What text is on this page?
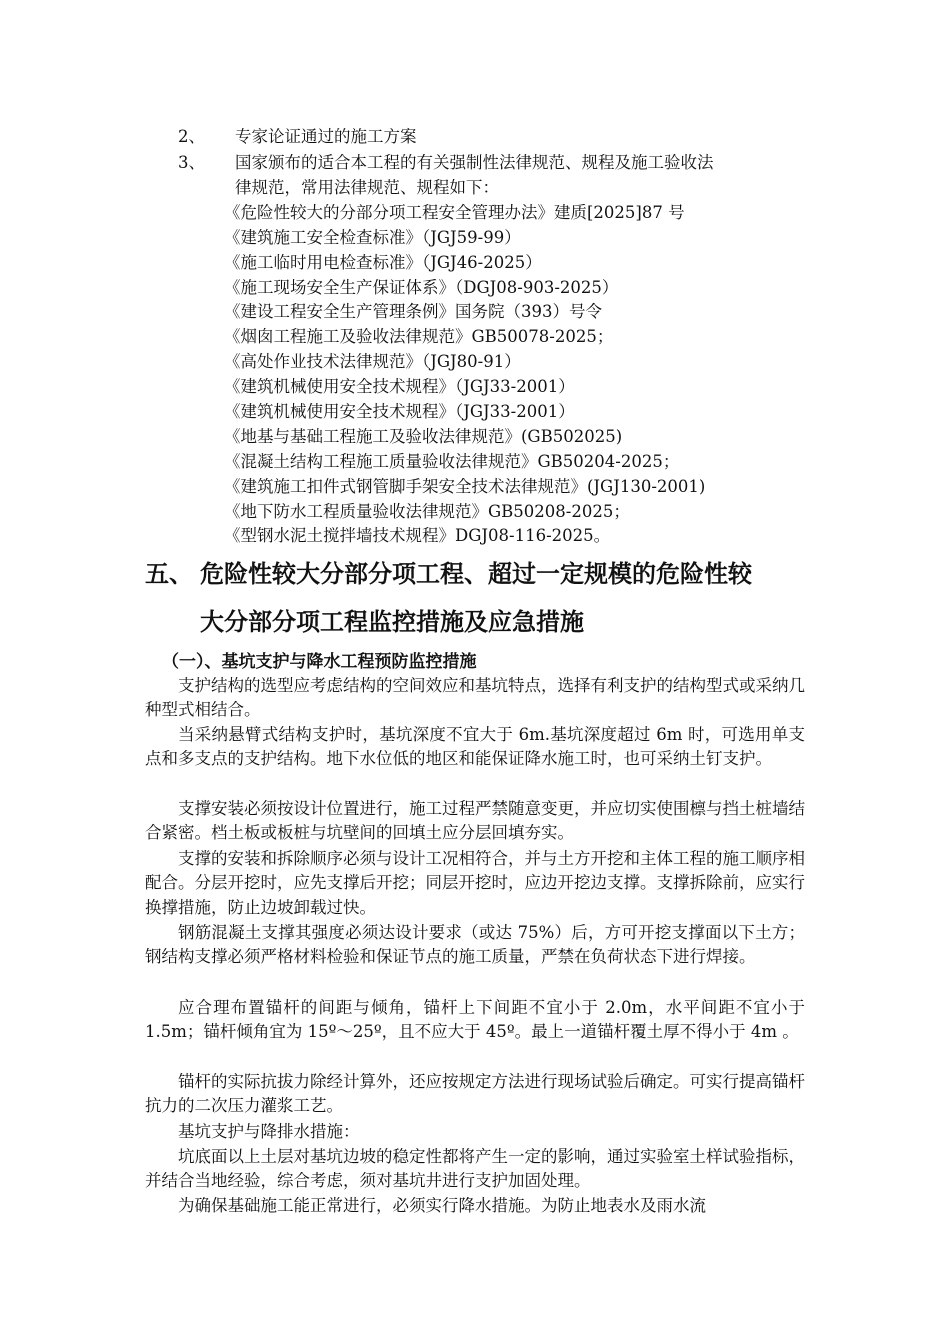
2、 专家论证通过的施工方案
3、 国家颁布的适合本工程的有关强制性法律规范、规程及施工验收法
律规范，常用法律规范、规程如下：
《危险性较大的分部分项工程安全管理办法》建质[2025]87 号
《建筑施工安全检查标准》（JGJ59-99）
《施工临时用电检查标准》（JGJ46-2025）
《施工现场安全生产保证体系》（DGJ08-903-2025）
《建设工程安全生产管理条例》国务院（393）号令
《烟囱工程施工及验收法律规范》GB50078-2025；
《高处作业技术法律规范》（JGJ80-91）
《建筑机械使用安全技术规程》（JGJ33-2001）
《建筑机械使用安全技术规程》（JGJ33-2001）
《地基与基础工程施工及验收法律规范》(GB502025)
《混凝土结构工程施工质量验收法律规范》GB50204-2025；
《建筑施工扣件式钢管脚手架安全技术法律规范》(JGJ130-2001)
《地下防水工程质量验收法律规范》GB50208-2025；
《型钢水泥土搅拌墙技术规程》DGJ08-116-2025。
五、 危险性较大分部分项工程、超过一定规模的危险性较
大分部分项工程监控措施及应急措施
（一）、基坑支护与降水工程预防监控措施

支护结构的选型应考虑结构的空间效应和基坑特点，选择有利支护的结构型式或采纳几种型式相结合。

当采纳悬臂式结构支护时，基坑深度不宜大于 6m.基坑深度超过 6m 时，可选用单支点和多支点的支护结构。地下水位低的地区和能保证降水施工时，也可采纳土钉支护。

支撑安装必须按设计位置进行，施工过程严禁随意变更，并应切实使围檩与挡土桩墙结合紧密。档土板或板桩与坑壁间的回填土应分层回填夯实。

支撑的安装和拆除顺序必须与设计工况相符合，并与土方开挖和主体工程的施工顺序相配合。分层开挖时，应先支撑后开挖；同层开挖时，应边开挖边支撑。支撑拆除前，应实行换撑措施，防止边坡卸载过快。

钢筋混凝土支撑其强度必须达设计要求（或达 75%）后，方可开挖支撑面以下土方；钢结构支撑必须严格材料检验和保证节点的施工质量，严禁在负荷状态下进行焊接。

应合理布置锚杆的间距与倾角，锚杆上下间距不宜小于 2.0m，水平间距不宜小于 1.5m；锚杆倾角宜为 15º～25º，且不应大于 45º。最上一道锚杆覆土厚不得小于 4m 。

锚杆的实际抗拔力除经计算外，还应按规定方法进行现场试验后确定。可实行提高锚杆抗力的二次压力灌浆工艺。

基坑支护与降排水措施：

坑底面以上土层对基坑边坡的稳定性都将产生一定的影响，通过实验室土样试验指标，并结合当地经验，综合考虑，须对基坑井进行支护加固处理。

为确保基础施工能正常进行，必须实行降水措施。为防止地表水及雨水流
